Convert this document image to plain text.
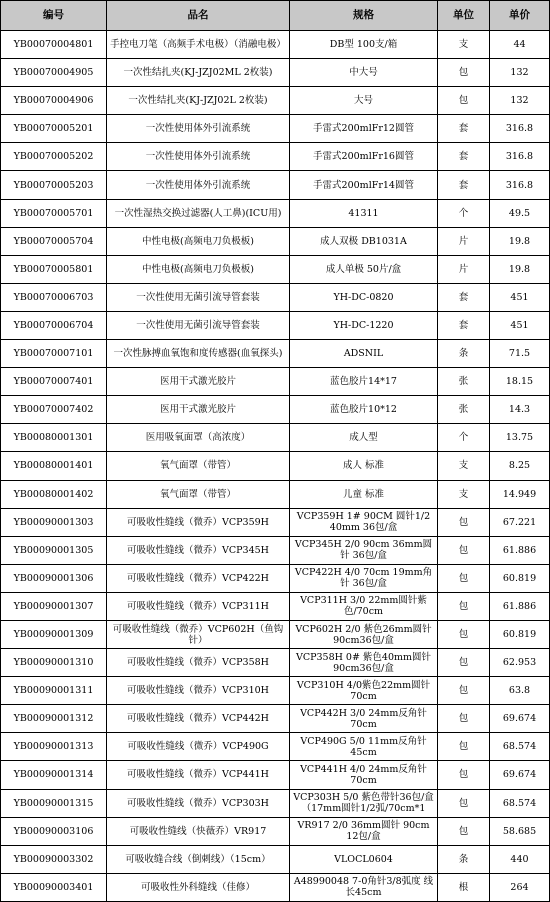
编号	品名	规格	单位	单价
YB00070004801	手控电刀笔（高频手术电极）（消融电极）	DB型 100支/箱	支	44
YB00070004905	一次性结扎夹(KJ-JZJ02ML 2枚装)	中大号	包	132
YB00070004906	一次性结扎夹(KJ-JZJ02L 2枚装)	大号	包	132
YB00070005201	一次性使用体外引流系统	手雷式200mlFr12圆管	套	316.8
YB00070005202	一次性使用体外引流系统	手雷式200mlFr16圆管	套	316.8
YB00070005203	一次性使用体外引流系统	手雷式200mlFr14圆管	套	316.8
YB00070005701	一次性湿热交换过滤器(人工鼻)(ICU用)	41311	个	49.5
YB00070005704	中性电极(高频电刀负极板)	成人双极 DB1031A	片	19.8
YB00070005801	中性电极(高频电刀负极板)	成人单极 50片/盒	片	19.8
YB00070006703	一次性使用无菌引流导管套装	YH-DC-0820	套	451
YB00070006704	一次性使用无菌引流导管套装	YH-DC-1220	套	451
YB00070007101	一次性脉搏血氧饱和度传感器(血氧探头)	ADSNIL	条	71.5
YB00070007401	医用干式激光胶片	蓝色胶片14*17	张	18.15
YB00070007402	医用干式激光胶片	蓝色胶片10*12	张	14.3
YB00080001301	医用吸氧面罩（高浓度）	成人型	个	13.75
YB00080001401	氧气面罩（带管）	成人 标准	支	8.25
YB00080001402	氧气面罩（带管）	儿童 标准	支	14.949
YB00090001303	可吸收性缝线（微乔）VCP359H	VCP359H 1# 90CM 圆针1/2 40mm 36包/盒	包	67.221
YB00090001305	可吸收性缝线（微乔）VCP345H	VCP345H 2/0 90cm 36mm圆针 36包/盒	包	61.886
YB00090001306	可吸收性缝线（微乔）VCP422H	VCP422H 4/0 70cm 19mm角针 36包/盒	包	60.819
YB00090001307	可吸收性缝线（微乔）VCP311H	VCP311H 3/0 22mm圆针紫色/70cm	包	61.886
YB00090001309	可吸收性缝线（微乔）VCP602H（鱼钩针）	VCP602H 2/0 紫色26mm圆针 90cm36包/盒	包	60.819
YB00090001310	可吸收性缝线（微乔）VCP358H	VCP358H 0# 紫色40mm圆针 90cm36包/盒	包	62.953
YB00090001311	可吸收性缝线（微乔）VCP310H	VCP310H 4/0紫色22mm圆针 70cm	包	63.8
YB00090001312	可吸收性缝线（微乔）VCP442H	VCP442H 3/0 24mm反角针 70cm	包	69.674
YB00090001313	可吸收性缝线（微乔）VCP490G	VCP490G 5/0 11mm反角针 45cm	包	68.574
YB00090001314	可吸收性缝线（微乔）VCP441H	VCP441H 4/0 24mm反角针 70cm	包	69.674
YB00090001315	可吸收性缝线（微乔）VCP303H	VCP303H 5/0 紫色带针36包/盒（17mm圆针1/2弧/70cm*1	包	68.574
YB00090003106	可吸收性缝线（快薇乔）VR917	VR917 2/0 36mm圆针 90cm 12包/盒	包	58.685
YB00090003302	可吸收缝合线（倒刺线）（15cm）	VLOCL0604	条	440
YB00090003401	可吸收性外科缝线（佳修）	A48990048 7-0角针3/8弧度 线长45cm	根	264
